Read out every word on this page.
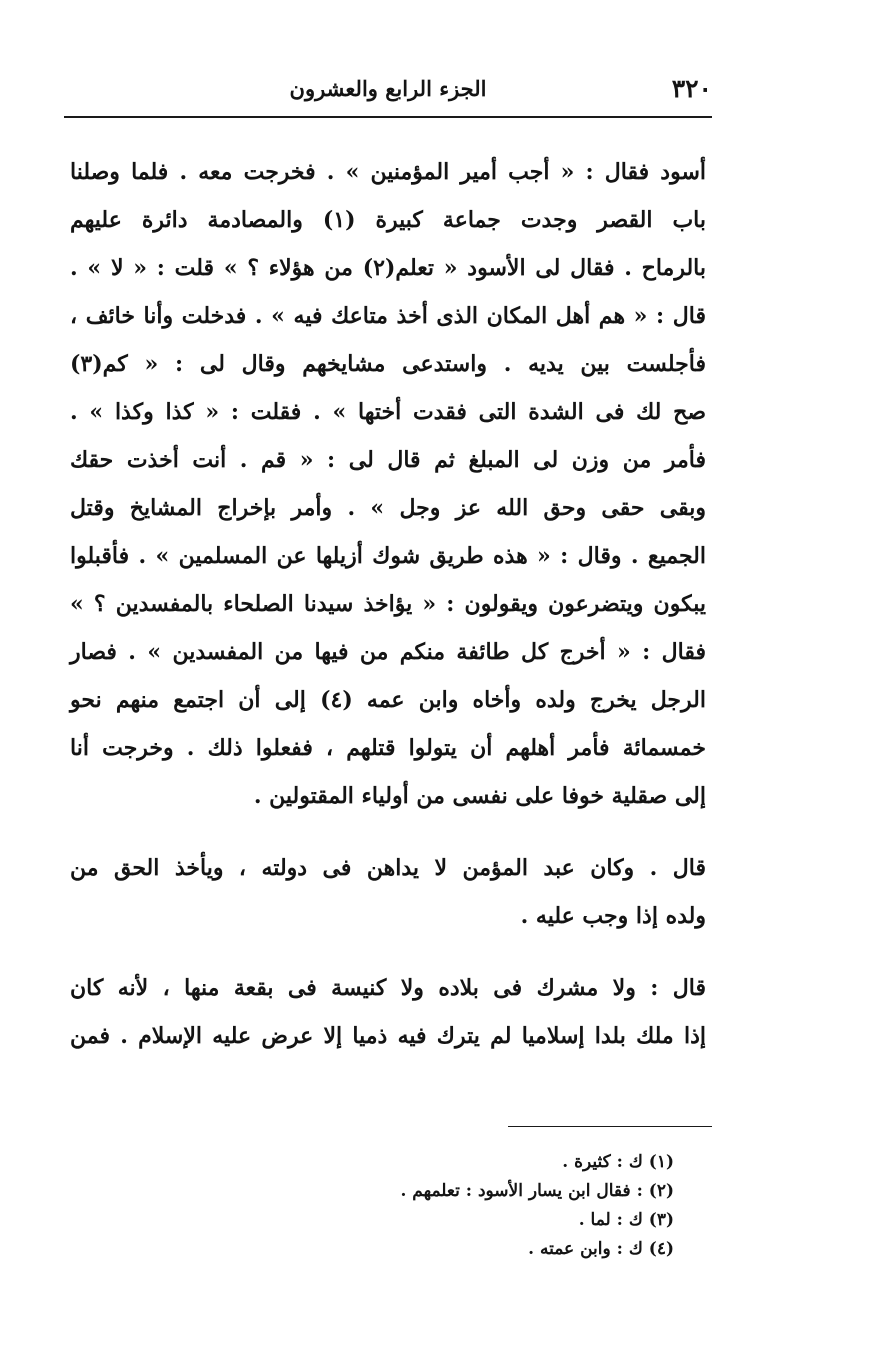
٣٢٠
الجزء الرابع والعشرون

أسود فقال : « أجب أمير المؤمنين » . فخرجت معه . فلما وصلنا
باب القصر وجدت جماعة كبيرة (١) والمصادمة دائرة عليهم
بالرماح . فقال لى الأسود « تعلم(٢) من هؤلاء ؟ » قلت : « لا » .
قال : « هم أهل المكان الذى أخذ متاعك فيه » . فدخلت وأنا خائف ،
فأجلست بين يديه . واستدعى مشايخهم وقال لى : « كم(٣)
صح لك فى الشدة التى فقدت أختها » . فقلت : « كذا وكذا » .
فأمر من وزن لى المبلغ ثم قال لى : « قم . أنت أخذت حقك
وبقى حقى وحق الله عز وجل » . وأمر بإخراج المشايخ وقتل
الجميع . وقال : « هذه طريق شوك أزيلها عن المسلمين » . فأقبلوا
يبكون ويتضرعون ويقولون : « يؤاخذ سيدنا الصلحاء بالمفسدين ؟ »
فقال : « أخرج كل طائفة منكم من فيها من المفسدين » . فصار
الرجل يخرج ولده وأخاه وابن عمه (٤) إلى أن اجتمع منهم نحو
خمسمائة فأمر أهلهم أن يتولوا قتلهم ، ففعلوا ذلك . وخرجت أنا
إلى صقلية خوفا على نفسى من أولياء المقتولين .

قال . وكان عبد المؤمن لا يداهن فى دولته ، ويأخذ الحق من
ولده إذا وجب عليه .

قال : ولا مشرك فى بلاده ولا كنيسة فى بقعة منها ، لأنه كان
إذا ملك بلدا إسلاميا لم يترك فيه ذميا إلا عرض عليه الإسلام . فمن

(١) ك : كثيرة .
(٢) : فقال ابن يسار الأسود : تعلمهم .
(٣) ك : لما .
(٤) ك : وابن عمته .
